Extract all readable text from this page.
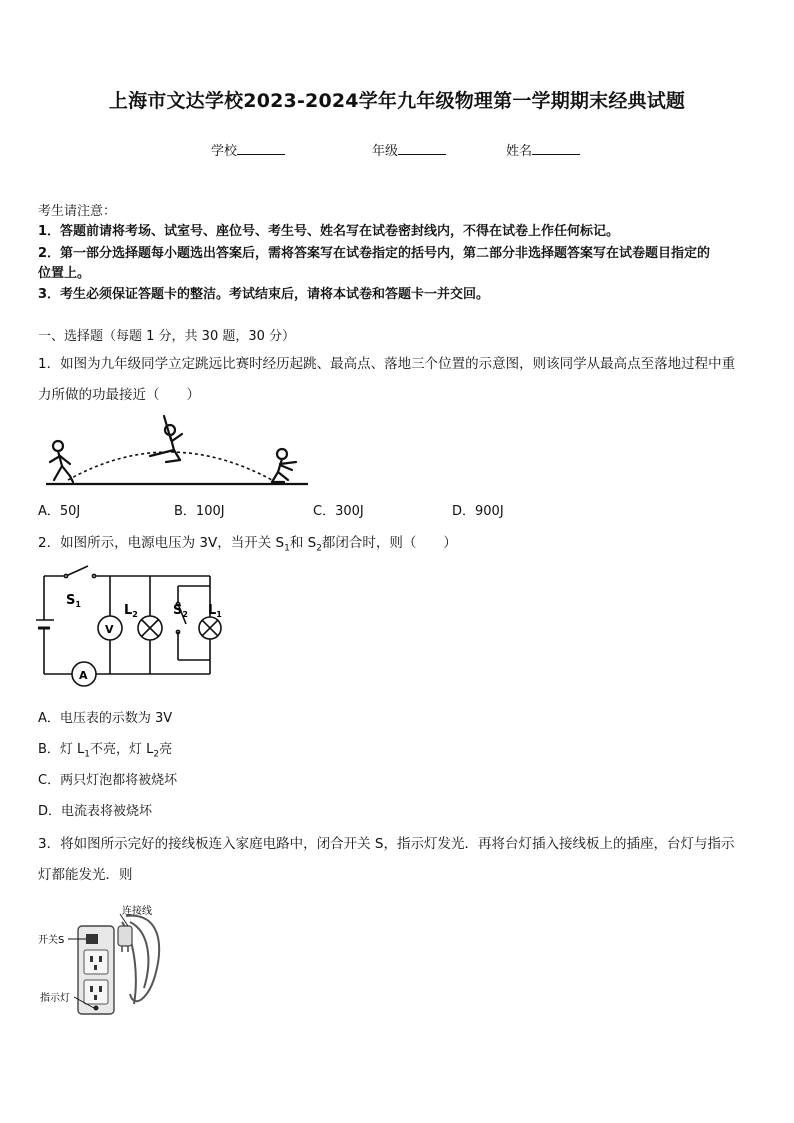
上海市文达学校2023-2024学年九年级物理第一学期期末经典试题
学校	年级	姓名
考生请注意：
1．答题前请将考场、试室号、座位号、考生号、姓名写在试卷密封线内，不得在试卷上作任何标记。
2．第一部分选择题每小题选出答案后，需将答案写在试卷指定的括号内，第二部分非选择题答案写在试卷题目指定的
位置上。
3．考生必须保证答题卡的整洁。考试结束后，请将本试卷和答题卡一并交回。
一、选择题（每题 1 分，共 30 题，30 分）
1．如图为九年级同学立定跳远比赛时经历起跳、最高点、落地三个位置的示意图，则该同学从最高点至落地过程中重
力所做的功最接近（　　）
A．50J	B．100J	C．300J	D．900J
2．如图所示，电源电压为 3V，当开关 $S_1$和 $S_2$都闭合时，则（　　）
$S_1$	$L_2$	$S_2$ $L_1$
V
A
A．电压表的示数为 3V
B．灯 $L_1$不亮，灯 $L_2$亮
C．两只灯泡都将被烧坏
D．电流表将被烧坏
3．将如图所示完好的接线板连入家庭电路中，闭合开关 S，指示灯发光．再将台灯插入接线板上的插座，台灯与指示
灯都能发光．则
连接线
开关S
指示灯
